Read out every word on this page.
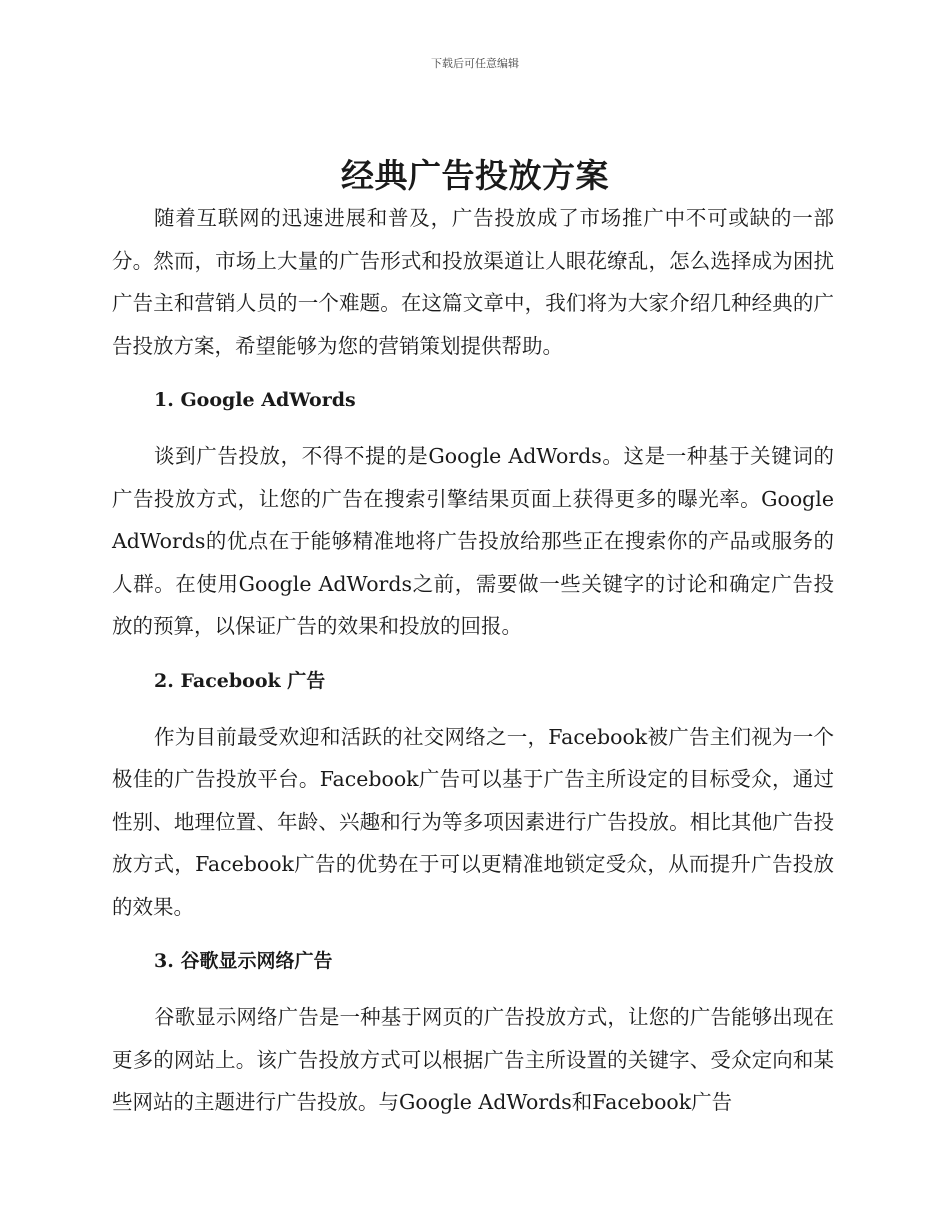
下载后可任意编辑
经典广告投放方案

随着互联网的迅速进展和普及，广告投放成了市场推广中不可或缺的一部分。然而，市场上大量的广告形式和投放渠道让人眼花缭乱，怎么选择成为困扰广告主和营销人员的一个难题。在这篇文章中，我们将为大家介绍几种经典的广告投放方案，希望能够为您的营销策划提供帮助。

1. Google AdWords

谈到广告投放，不得不提的是Google AdWords。这是一种基于关键词的广告投放方式，让您的广告在搜索引擎结果页面上获得更多的曝光率。Google AdWords的优点在于能够精准地将广告投放给那些正在搜索你的产品或服务的人群。在使用Google AdWords之前，需要做一些关键字的讨论和确定广告投放的预算，以保证广告的效果和投放的回报。

2. Facebook 广告

作为目前最受欢迎和活跃的社交网络之一，Facebook被广告主们视为一个极佳的广告投放平台。Facebook广告可以基于广告主所设定的目标受众，通过性别、地理位置、年龄、兴趣和行为等多项因素进行广告投放。相比其他广告投放方式，Facebook广告的优势在于可以更精准地锁定受众，从而提升广告投放的效果。

3. 谷歌显示网络广告

谷歌显示网络广告是一种基于网页的广告投放方式，让您的广告能够出现在更多的网站上。该广告投放方式可以根据广告主所设置的关键字、受众定向和某些网站的主题进行广告投放。与Google AdWords和Facebook广告
